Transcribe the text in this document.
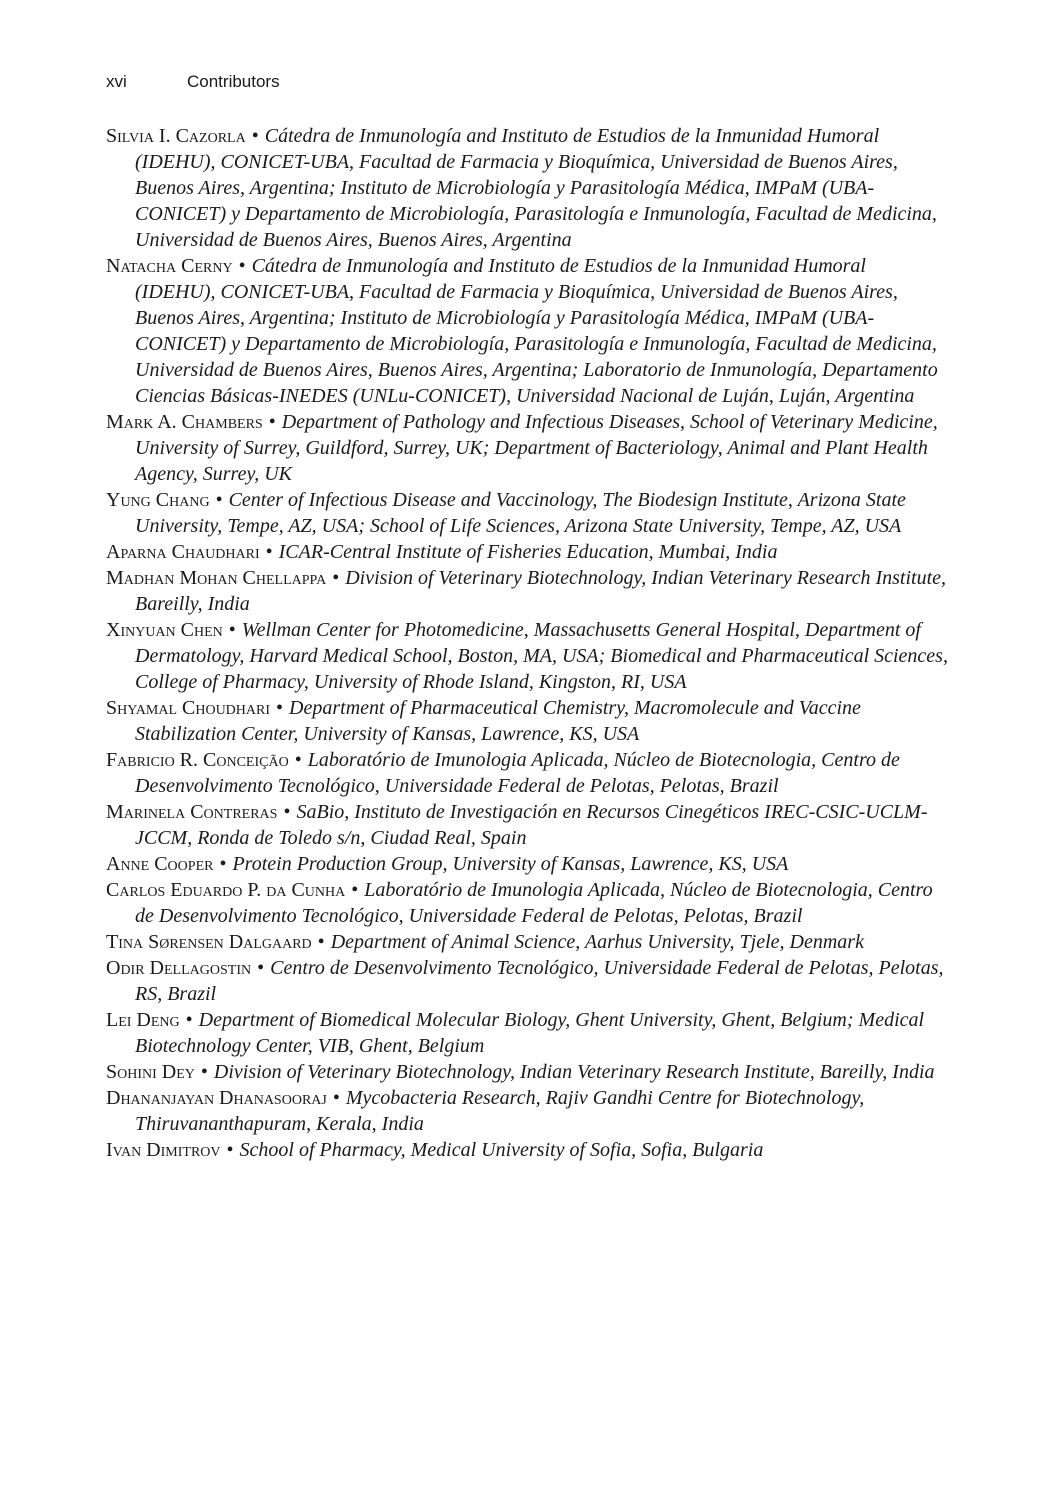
xvi	Contributors

Silvia I. Cazorla • Cátedra de Inmunología and Instituto de Estudios de la Inmunidad Humoral (IDEHU), CONICET-UBA, Facultad de Farmacia y Bioquímica, Universidad de Buenos Aires, Buenos Aires, Argentina; Instituto de Microbiología y Parasitología Médica, IMPaM (UBA-CONICET) y Departamento de Microbiología, Parasitología e Inmunología, Facultad de Medicina, Universidad de Buenos Aires, Buenos Aires, Argentina

Natacha Cerny • Cátedra de Inmunología and Instituto de Estudios de la Inmunidad Humoral (IDEHU), CONICET-UBA, Facultad de Farmacia y Bioquímica, Universidad de Buenos Aires, Buenos Aires, Argentina; Instituto de Microbiología y Parasitología Médica, IMPaM (UBA-CONICET) y Departamento de Microbiología, Parasitología e Inmunología, Facultad de Medicina, Universidad de Buenos Aires, Buenos Aires, Argentina; Laboratorio de Inmunología, Departamento Ciencias Básicas-INEDES (UNLu-CONICET), Universidad Nacional de Luján, Luján, Argentina

Mark A. Chambers • Department of Pathology and Infectious Diseases, School of Veterinary Medicine, University of Surrey, Guildford, Surrey, UK; Department of Bacteriology, Animal and Plant Health Agency, Surrey, UK

Yung Chang • Center of Infectious Disease and Vaccinology, The Biodesign Institute, Arizona State University, Tempe, AZ, USA; School of Life Sciences, Arizona State University, Tempe, AZ, USA

Aparna Chaudhari • ICAR-Central Institute of Fisheries Education, Mumbai, India

Madhan Mohan Chellappa • Division of Veterinary Biotechnology, Indian Veterinary Research Institute, Bareilly, India

Xinyuan Chen • Wellman Center for Photomedicine, Massachusetts General Hospital, Department of Dermatology, Harvard Medical School, Boston, MA, USA; Biomedical and Pharmaceutical Sciences, College of Pharmacy, University of Rhode Island, Kingston, RI, USA

Shyamal Choudhari • Department of Pharmaceutical Chemistry, Macromolecule and Vaccine Stabilization Center, University of Kansas, Lawrence, KS, USA

Fabricio R. Conceição • Laboratório de Imunologia Aplicada, Núcleo de Biotecnologia, Centro de Desenvolvimento Tecnológico, Universidade Federal de Pelotas, Pelotas, Brazil

Marinela Contreras • SaBio, Instituto de Investigación en Recursos Cinegéticos IREC-CSIC-UCLM-JCCM, Ronda de Toledo s/n, Ciudad Real, Spain

Anne Cooper • Protein Production Group, University of Kansas, Lawrence, KS, USA

Carlos Eduardo P. da Cunha • Laboratório de Imunologia Aplicada, Núcleo de Biotecnologia, Centro de Desenvolvimento Tecnológico, Universidade Federal de Pelotas, Pelotas, Brazil

Tina Sørensen Dalgaard • Department of Animal Science, Aarhus University, Tjele, Denmark

Odir Dellagostin • Centro de Desenvolvimento Tecnológico, Universidade Federal de Pelotas, Pelotas, RS, Brazil

Lei Deng • Department of Biomedical Molecular Biology, Ghent University, Ghent, Belgium; Medical Biotechnology Center, VIB, Ghent, Belgium

Sohini Dey • Division of Veterinary Biotechnology, Indian Veterinary Research Institute, Bareilly, India

Dhananjayan Dhanasooraj • Mycobacteria Research, Rajiv Gandhi Centre for Biotechnology, Thiruvananthapuram, Kerala, India

Ivan Dimitrov • School of Pharmacy, Medical University of Sofia, Sofia, Bulgaria
